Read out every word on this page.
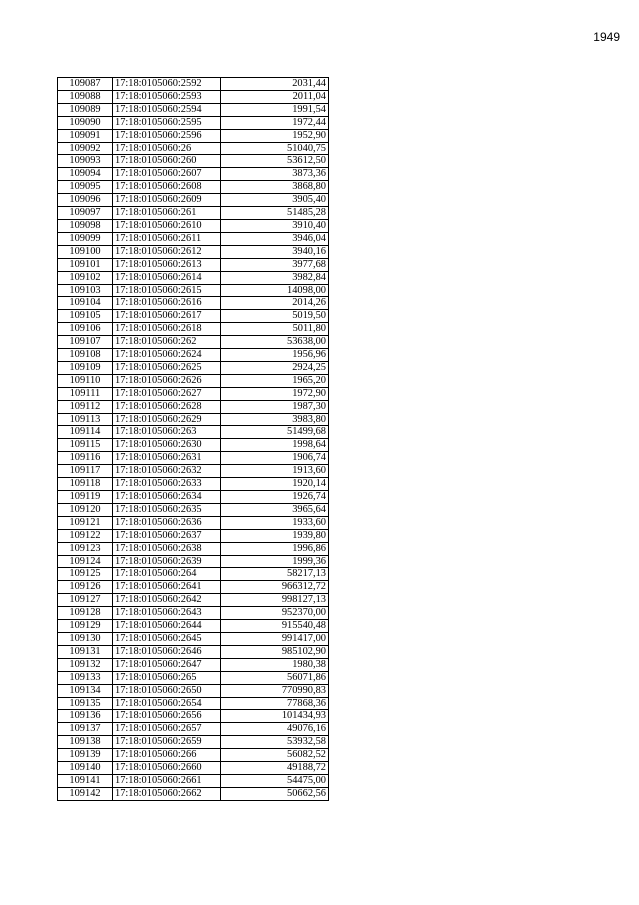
1949
109087	17:18:0105060:2592	2031,44
109088	17:18:0105060:2593	2011,04
109089	17:18:0105060:2594	1991,54
109090	17:18:0105060:2595	1972,44
109091	17:18:0105060:2596	1952,90
109092	17:18:0105060:26	51040,75
109093	17:18:0105060:260	53612,50
109094	17:18:0105060:2607	3873,36
109095	17:18:0105060:2608	3868,80
109096	17:18:0105060:2609	3905,40
109097	17:18:0105060:261	51485,28
109098	17:18:0105060:2610	3910,40
109099	17:18:0105060:2611	3946,04
109100	17:18:0105060:2612	3940,16
109101	17:18:0105060:2613	3977,68
109102	17:18:0105060:2614	3982,84
109103	17:18:0105060:2615	14098,00
109104	17:18:0105060:2616	2014,26
109105	17:18:0105060:2617	5019,50
109106	17:18:0105060:2618	5011,80
109107	17:18:0105060:262	53638,00
109108	17:18:0105060:2624	1956,96
109109	17:18:0105060:2625	2924,25
109110	17:18:0105060:2626	1965,20
109111	17:18:0105060:2627	1972,90
109112	17:18:0105060:2628	1987,30
109113	17:18:0105060:2629	3983,80
109114	17:18:0105060:263	51499,68
109115	17:18:0105060:2630	1998,64
109116	17:18:0105060:2631	1906,74
109117	17:18:0105060:2632	1913,60
109118	17:18:0105060:2633	1920,14
109119	17:18:0105060:2634	1926,74
109120	17:18:0105060:2635	3965,64
109121	17:18:0105060:2636	1933,60
109122	17:18:0105060:2637	1939,80
109123	17:18:0105060:2638	1996,86
109124	17:18:0105060:2639	1999,36
109125	17:18:0105060:264	58217,13
109126	17:18:0105060:2641	966312,72
109127	17:18:0105060:2642	998127,13
109128	17:18:0105060:2643	952370,00
109129	17:18:0105060:2644	915540,48
109130	17:18:0105060:2645	991417,00
109131	17:18:0105060:2646	985102,90
109132	17:18:0105060:2647	1980,38
109133	17:18:0105060:265	56071,86
109134	17:18:0105060:2650	770990,83
109135	17:18:0105060:2654	77868,36
109136	17:18:0105060:2656	101434,93
109137	17:18:0105060:2657	49076,16
109138	17:18:0105060:2659	53932,58
109139	17:18:0105060:266	56082,52
109140	17:18:0105060:2660	49188,72
109141	17:18:0105060:2661	54475,00
109142	17:18:0105060:2662	50662,56
